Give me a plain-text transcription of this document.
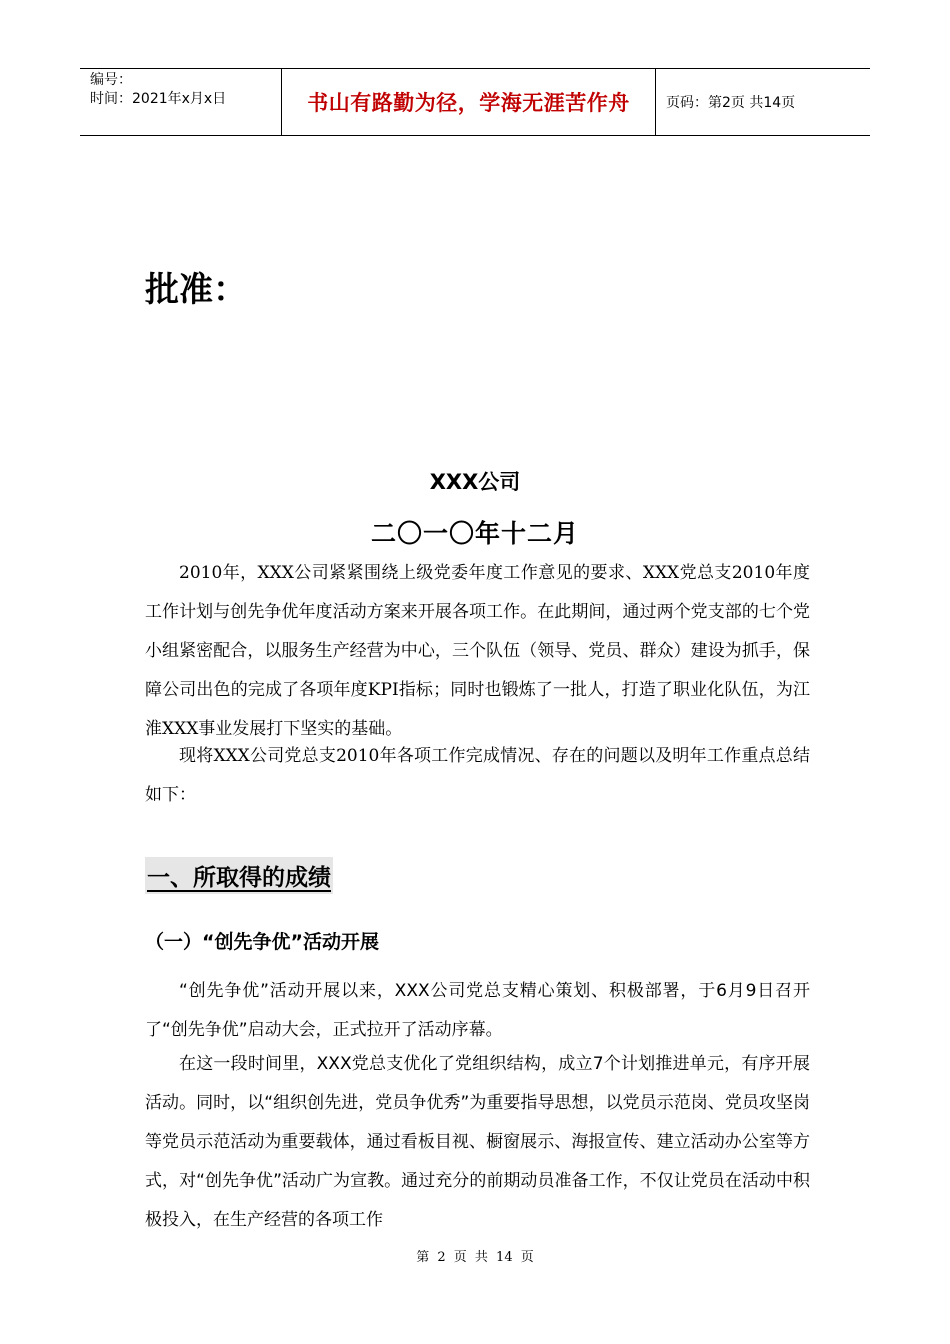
编号：
时间：2021年x月x日	书山有路勤为径，学海无涯苦作舟	页码：第2页 共14页
批准：
XXX公司
二〇一〇年十二月

2010年，XXX公司紧紧围绕上级党委年度工作意见的要求、XXX党总支2010年度工作计划与创先争优年度活动方案来开展各项工作。在此期间，通过两个党支部的七个党小组紧密配合，以服务生产经营为中心，三个队伍（领导、党员、群众）建设为抓手，保障公司出色的完成了各项年度KPI指标；同时也锻炼了一批人，打造了职业化队伍，为江淮XXX事业发展打下坚实的基础。

现将XXX公司党总支2010年各项工作完成情况、存在的问题以及明年工作重点总结如下：

一、所取得的成绩
（一）“创先争优”活动开展

“创先争优”活动开展以来，XXX公司党总支精心策划、积极部署，于6月9日召开了“创先争优”启动大会，正式拉开了活动序幕。

在这一段时间里，XXX党总支优化了党组织结构，成立7个计划推进单元，有序开展活动。同时，以“组织创先进，党员争优秀”为重要指导思想，以党员示范岗、党员攻坚岗等党员示范活动为重要载体，通过看板目视、橱窗展示、海报宣传、建立活动办公室等方式，对“创先争优”活动广为宣教。通过充分的前期动员准备工作，不仅让党员在活动中积极投入，在生产经营的各项工作

第 2 页 共 14 页
